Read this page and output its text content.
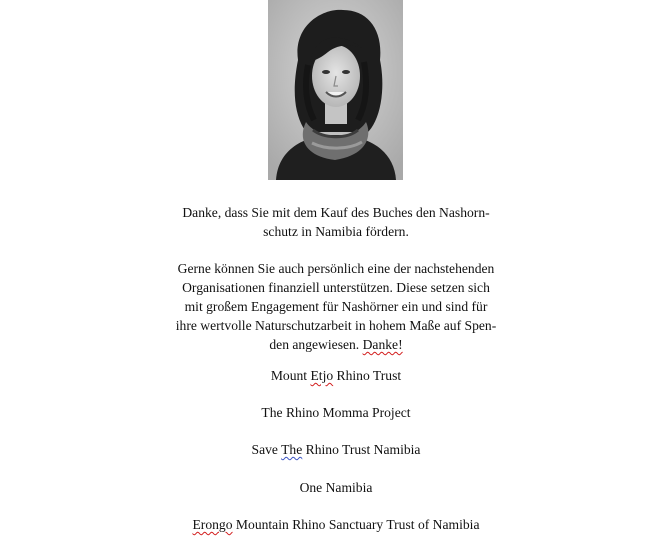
Danke, dass Sie mit dem Kauf des Buches den Nashorn-
schutz in Namibia fördern.
Gerne können Sie auch persönlich eine der nachstehenden
Organisationen finanziell unterstützen. Diese setzen sich
mit großem Engagement für Nashörner ein und sind für
ihre wertvolle Naturschutzarbeit in hohem Maße auf Spen-
den angewiesen. Danke!
Mount Etjo Rhino Trust
The Rhino Momma Project
Save The Rhino Trust Namibia
One Namibia
Erongo Mountain Rhino Sanctuary Trust of Namibia
